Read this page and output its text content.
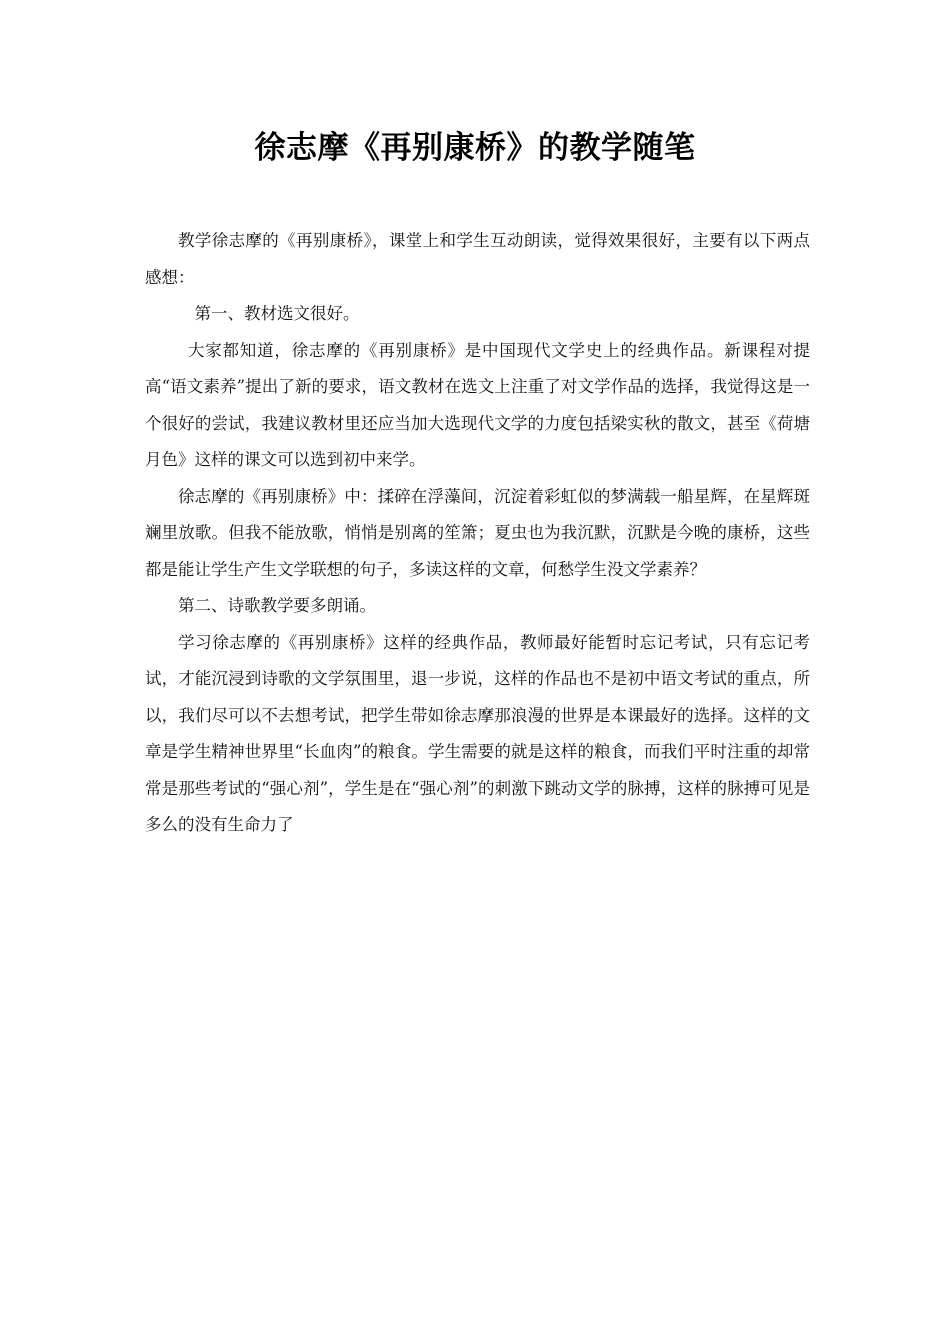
徐志摩《再别康桥》的教学随笔

教学徐志摩的《再别康桥》，课堂上和学生互动朗读，觉得效果很好，主要有以下两点感想：

第一、教材选文很好。

大家都知道，徐志摩的《再别康桥》是中国现代文学史上的经典作品。新课程对提高“语文素养”提出了新的要求，语文教材在选文上注重了对文学作品的选择，我觉得这是一个很好的尝试，我建议教材里还应当加大选现代文学的力度包括梁实秋的散文，甚至《荷塘月色》这样的课文可以选到初中来学。

徐志摩的《再别康桥》中：揉碎在浮藻间，沉淀着彩虹似的梦满载一船星辉，在星辉斑斓里放歌。但我不能放歌，悄悄是别离的笙箫；夏虫也为我沉默，沉默是今晚的康桥，这些都是能让学生产生文学联想的句子，多读这样的文章，何愁学生没文学素养？

第二、诗歌教学要多朗诵。

学习徐志摩的《再别康桥》这样的经典作品，教师最好能暂时忘记考试，只有忘记考试，才能沉浸到诗歌的文学氛围里，退一步说，这样的作品也不是初中语文考试的重点，所以，我们尽可以不去想考试，把学生带如徐志摩那浪漫的世界是本课最好的选择。这样的文章是学生精神世界里“长血肉”的粮食。学生需要的就是这样的粮食，而我们平时注重的却常常是那些考试的“强心剂”，学生是在“强心剂”的刺激下跳动文学的脉搏，这样的脉搏可见是多么的没有生命力了
